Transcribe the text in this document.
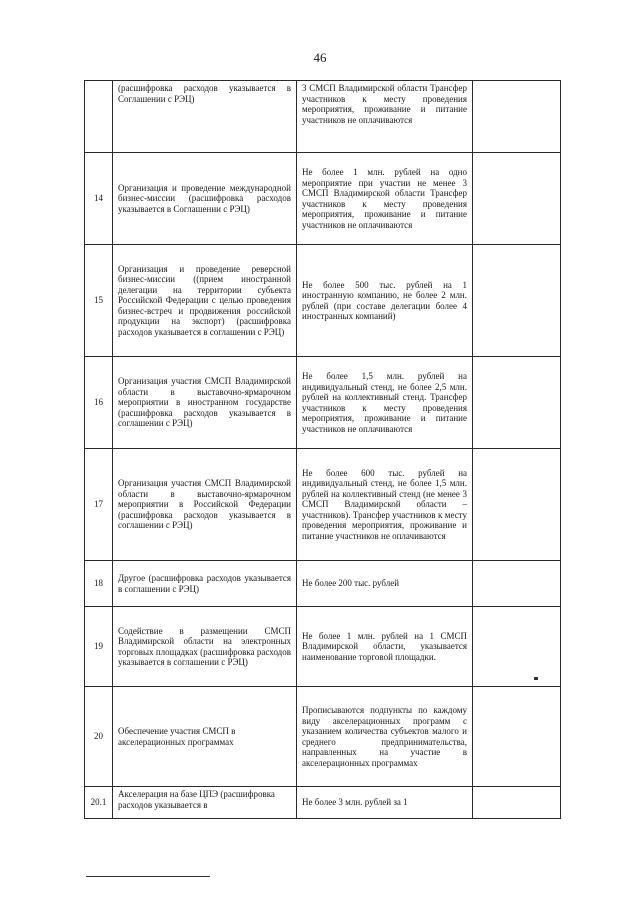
46
	(расшифровка расходов указывается в Соглашении с РЭЦ)	3 СМСП Владимирской области Трансфер участников к месту проведения мероприятия, проживание и питание участников не оплачиваются	
14	Организация и проведение международной бизнес-миссии (расшифровка расходов указывается в Соглашении с РЭЦ)	Не более 1 млн. рублей на одно мероприятие при участии не менее 3 СМСП Владимирской области Трансфер участников к месту проведения мероприятия, проживание и питание участников не оплачиваются	
15	Организация и проведение реверсной бизнес-миссии ((прием иностранной делегации на территории субъекта Российской Федерации с целью проведения бизнес-встреч и продвижения российской продукции на экспорт) (расшифровка расходов указывается в соглашении с РЭЦ)	Не более 500 тыс. рублей на 1 иностранную компанию, не более 2 млн. рублей (при составе делегации более 4 иностранных компаний)	
16	Организация участия СМСП Владимирской области в выставочно-ярмарочном мероприятии в иностранном государстве (расшифровка расходов указывается в соглашении с РЭЦ)	Не более 1,5 млн. рублей на индивидуальный стенд, не более 2,5 млн. рублей на коллективный стенд. Трансфер участников к месту проведения мероприятия, проживание и питание участников не оплачиваются	
17	Организация участия СМСП Владимирской области в выставочно-ярмарочном мероприятии в Российской Федерации (расшифровка расходов указывается в соглашении с РЭЦ)	Не более 600 тыс. рублей на индивидуальный стенд, не более 1,5 млн. рублей на коллективный стенд (не менее 3 СМСП Владимирской области – участников). Трансфер участников к месту проведения мероприятия, проживание и питание участников не оплачиваются	
18	Другое (расшифровка расходов указывается в соглашении с РЭЦ)	Не более 200 тыс. рублей	
19	Содействие в размещении СМСП Владимирской области на электронных торговых площадках (расшифровка расходов указывается в соглашении с РЭЦ)	Не более 1 млн. рублей на 1 СМСП Владимирской области, указывается наименование торговой площадки.	
20	Обеспечение участия СМСП в акселерационных программах	Прописываются подпункты по каждому виду акселерационных программ с указанием количества субъектов малого и среднего предпринимательства, направленных на участие в акселерационных программах	
20.1	Акселерация на базе ЦПЭ (расшифровка расходов указывается в	Не более 3 млн. рублей за 1	
